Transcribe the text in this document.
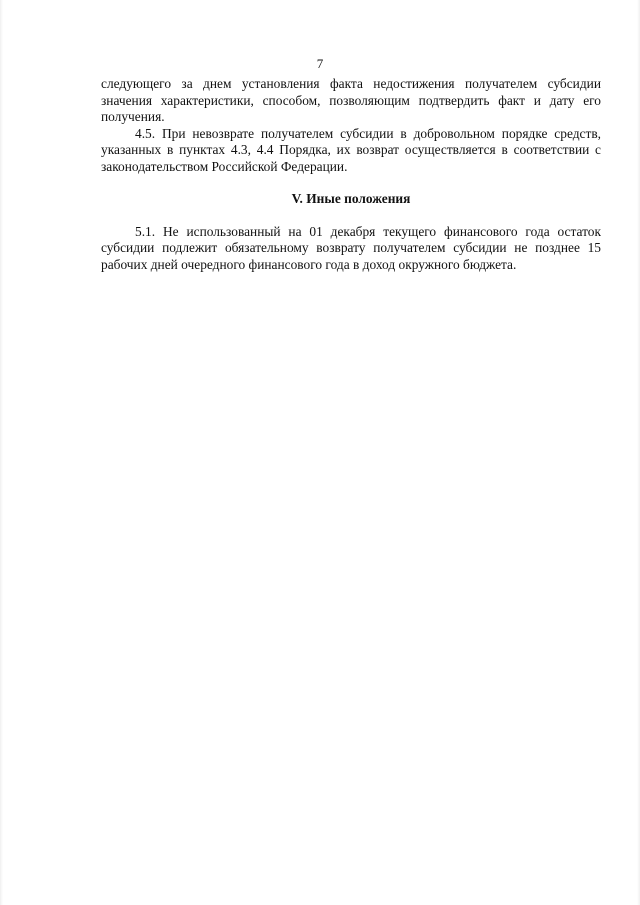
7

следующего за днем установления факта недостижения получателем субсидии значения характеристики, способом, позволяющим подтвердить факт и дату его получения.

4.5. При невозврате получателем субсидии в добровольном порядке средств, указанных в пунктах 4.3, 4.4 Порядка, их возврат осуществляется в соответствии с законодательством Российской Федерации.

V. Иные положения

5.1. Не использованный на 01 декабря текущего финансового года остаток субсидии подлежит обязательному возврату получателем субсидии не позднее 15 рабочих дней очередного финансового года в доход окружного бюджета.
